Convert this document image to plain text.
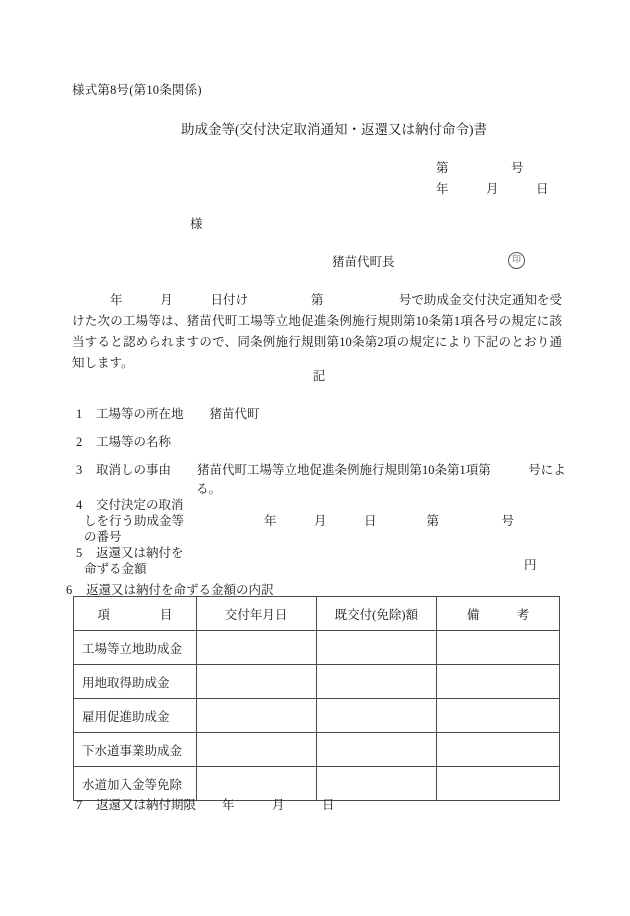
様式第8号(第10条関係)
助成金等(交付決定取消通知・返還又は納付命令)書
第　　　　　号
年　　　月　　　日
様
猪苗代町長	印
年　　　月　　　日付け　　　　　第　　　　　　号で助成金交付決定通知を受けた次の工場等は、猪苗代町工場等立地促進条例施行規則第10条第1項各号の規定に該当すると認められますので、同条例施行規則第10条第2項の規定により下記のとおり通知します。
記
1 工場等の所在地 猪苗代町
2 工場等の名称
3 取消しの事由 猪苗代町工場等立地促進条例施行規則第10条第1項第　　　号によ
る。
4 交付決定の取消
しを行う助成金等
の番号
年　　　月　　　日　　　　第　　　　　号
5 返還又は納付を
命ずる金額	円
6 返還又は納付を命ずる金額の内訳
項　　　　目	交付年月日	既交付(免除)額	備　　　考
工場等立地助成金			
用地取得助成金			
雇用促進助成金			
下水道事業助成金			
水道加入金等免除			
7 返還又は納付期限 年　　　月　　　日
